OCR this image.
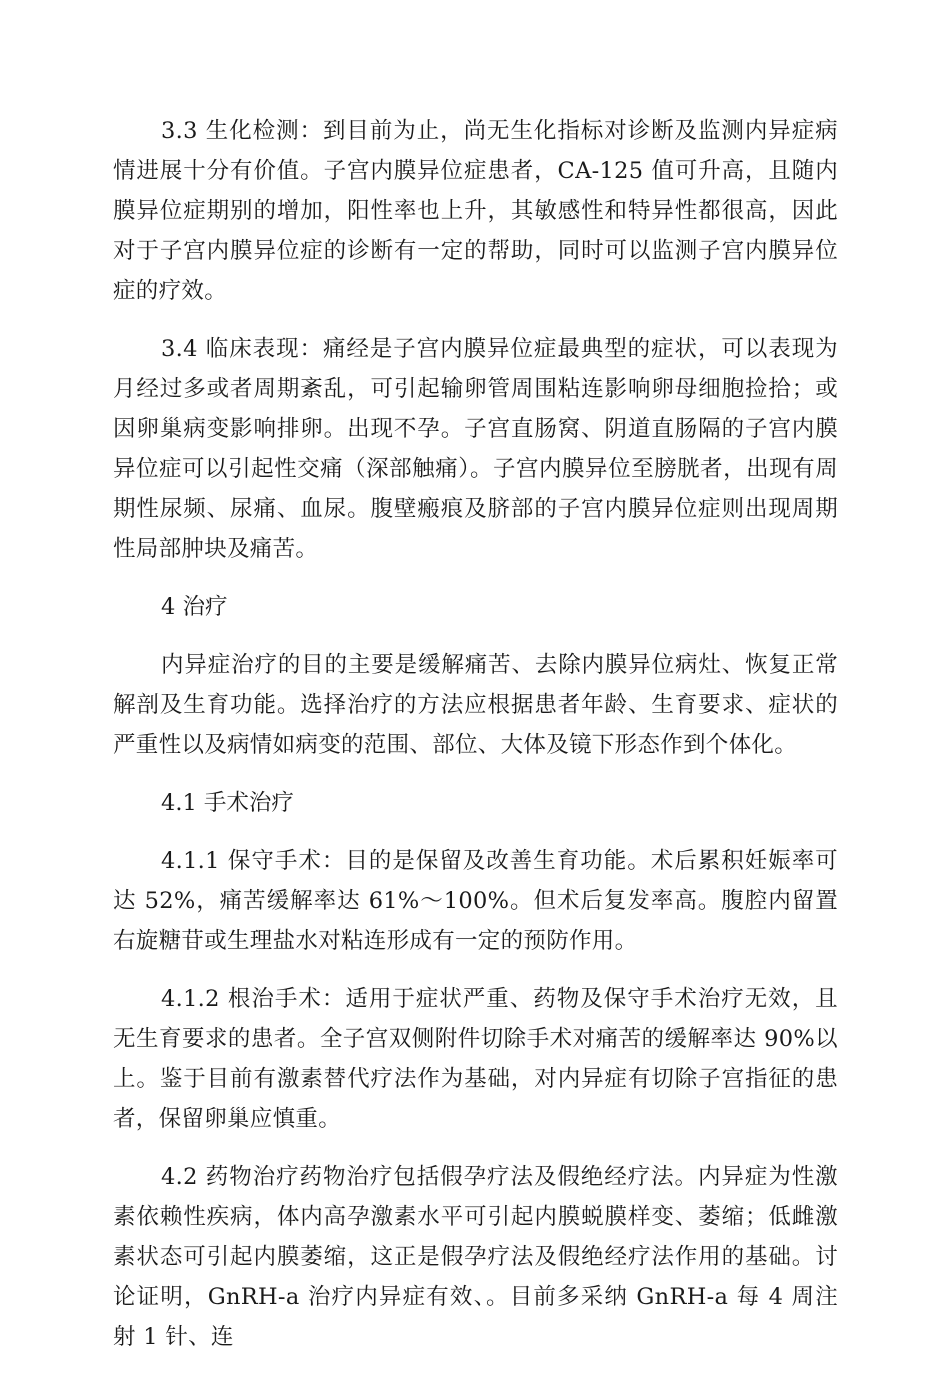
3.3 生化检测：到目前为止，尚无生化指标对诊断及监测内异症病情进展十分有价值。子宫内膜异位症患者，CA-125 值可升高，且随内膜异位症期别的增加，阳性率也上升，其敏感性和特异性都很高，因此对于子宫内膜异位症的诊断有一定的帮助，同时可以监测子宫内膜异位症的疗效。

3.4 临床表现：痛经是子宫内膜异位症最典型的症状，可以表现为月经过多或者周期紊乱，可引起输卵管周围粘连影响卵母细胞捡拾；或因卵巢病变影响排卵。出现不孕。子宫直肠窝、阴道直肠隔的子宫内膜异位症可以引起性交痛（深部触痛）。子宫内膜异位至膀胱者，出现有周期性尿频、尿痛、血尿。腹壁瘢痕及脐部的子宫内膜异位症则出现周期性局部肿块及痛苦。

4 治疗

内异症治疗的目的主要是缓解痛苦、去除内膜异位病灶、恢复正常解剖及生育功能。选择治疗的方法应根据患者年龄、生育要求、症状的严重性以及病情如病变的范围、部位、大体及镜下形态作到个体化。

4.1 手术治疗

4.1.1 保守手术：目的是保留及改善生育功能。术后累积妊娠率可达 52%，痛苦缓解率达 61%～100%。但术后复发率高。腹腔内留置右旋糖苷或生理盐水对粘连形成有一定的预防作用。

4.1.2 根治手术：适用于症状严重、药物及保守手术治疗无效，且无生育要求的患者。全子宫双侧附件切除手术对痛苦的缓解率达 90%以上。鉴于目前有激素替代疗法作为基础，对内异症有切除子宫指征的患者，保留卵巢应慎重。

4.2 药物治疗药物治疗包括假孕疗法及假绝经疗法。内异症为性激素依赖性疾病，体内高孕激素水平可引起内膜蜕膜样变、萎缩；低雌激素状态可引起内膜萎缩，这正是假孕疗法及假绝经疗法作用的基础。讨论证明，GnRH-a 治疗内异症有效、。目前多采纳 GnRH-a 每 4 周注射 1 针、连
